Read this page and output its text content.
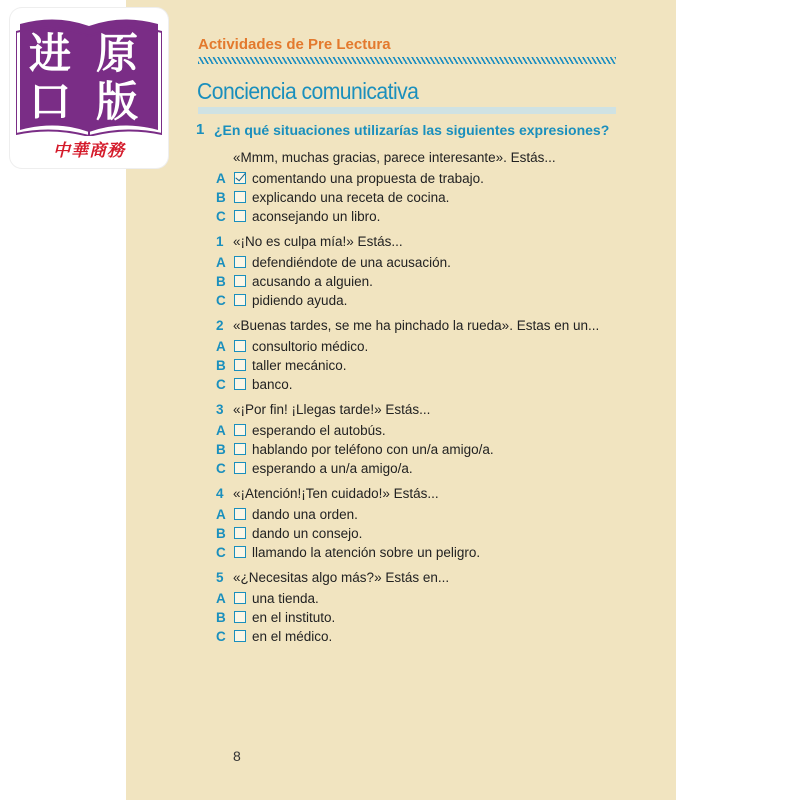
进 原
口 版
中華商務
Actividades de Pre Lectura
Conciencia comunicativa
1 ¿En qué situaciones utilizarías las siguientes expresiones?
«Mmm, muchas gracias, parece interesante». Estás...
A comentando una propuesta de trabajo.
B explicando una receta de cocina.
C aconsejando un libro.
1 «¡No es culpa mía!» Estás...
A defendiéndote de una acusación.
B acusando a alguien.
C pidiendo ayuda.
2 «Buenas tardes, se me ha pinchado la rueda». Estas en un...
A consultorio médico.
B taller mecánico.
C banco.
3 «¡Por fin! ¡Llegas tarde!» Estás...
A esperando el autobús.
B hablando por teléfono con un/a amigo/a.
C esperando a un/a amigo/a.
4 «¡Atención!¡Ten cuidado!» Estás...
A dando una orden.
B dando un consejo.
C llamando la atención sobre un peligro.
5 «¿Necesitas algo más?» Estás en...
A una tienda.
B en el instituto.
C en el médico.
8
